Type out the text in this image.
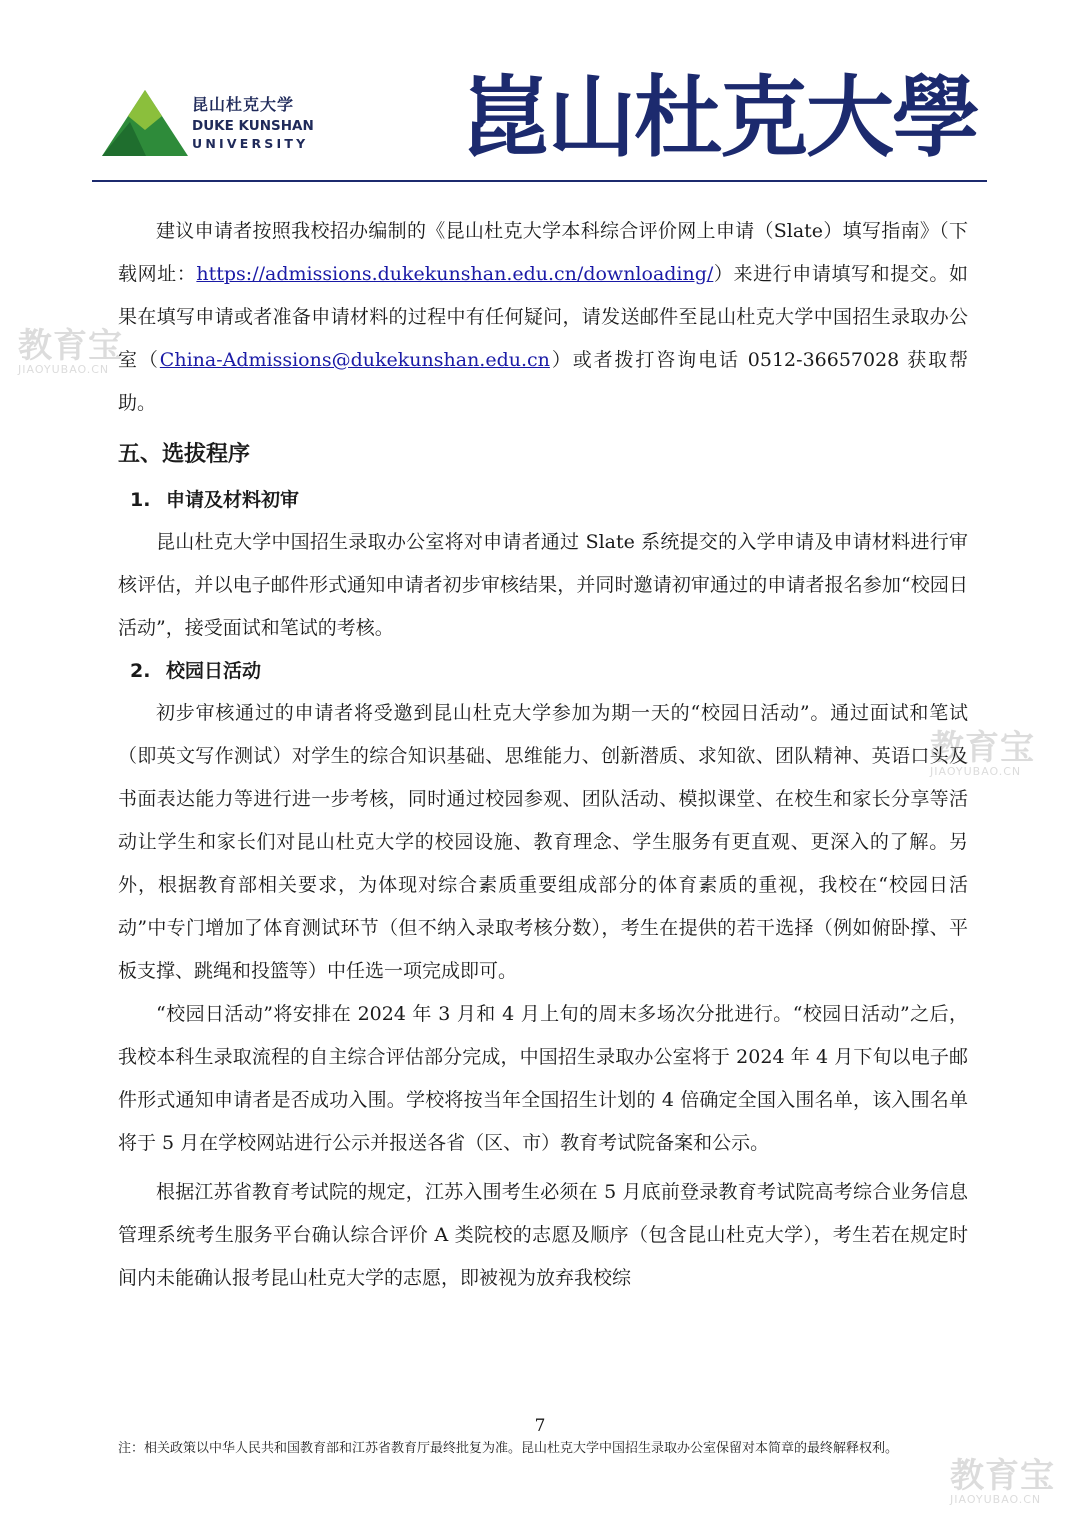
昆山杜克大学
DUKE KUNSHAN
UNIVERSITY 崑山杜克大學
教育宝
JIAOYUBAO.CN
教育宝
JIAOYUBAO.CN
教育宝
JIAOYUBAO.CN

建议申请者按照我校招办编制的《昆山杜克大学本科综合评价网上申请（Slate）填写指南》（下载网址：https://admissions.dukekunshan.edu.cn/downloading/）来进行申请填写和提交。如果在填写申请或者准备申请材料的过程中有任何疑问，请发送邮件至昆山杜克大学中国招生录取办公室（China-Admissions@dukekunshan.edu.cn）或者拨打咨询电话 0512-36657028 获取帮助。

五、选拔程序
1. 申请及材料初审

昆山杜克大学中国招生录取办公室将对申请者通过 Slate 系统提交的入学申请及申请材料进行审核评估，并以电子邮件形式通知申请者初步审核结果，并同时邀请初审通过的申请者报名参加“校园日活动”，接受面试和笔试的考核。

2. 校园日活动

初步审核通过的申请者将受邀到昆山杜克大学参加为期一天的“校园日活动”。通过面试和笔试（即英文写作测试）对学生的综合知识基础、思维能力、创新潜质、求知欲、团队精神、英语口头及书面表达能力等进行进一步考核，同时通过校园参观、团队活动、模拟课堂、在校生和家长分享等活动让学生和家长们对昆山杜克大学的校园设施、教育理念、学生服务有更直观、更深入的了解。另外，根据教育部相关要求，为体现对综合素质重要组成部分的体育素质的重视，我校在“校园日活动”中专门增加了体育测试环节（但不纳入录取考核分数），考生在提供的若干选择（例如俯卧撑、平板支撑、跳绳和投篮等）中任选一项完成即可。

“校园日活动”将安排在 2024 年 3 月和 4 月上旬的周末多场次分批进行。“校园日活动”之后，我校本科生录取流程的自主综合评估部分完成，中国招生录取办公室将于 2024 年 4 月下旬以电子邮件形式通知申请者是否成功入围。学校将按当年全国招生计划的 4 倍确定全国入围名单，该入围名单将于 5 月在学校网站进行公示并报送各省（区、市）教育考试院备案和公示。

根据江苏省教育考试院的规定，江苏入围考生必须在 5 月底前登录教育考试院高考综合业务信息管理系统考生服务平台确认综合评价 A 类院校的志愿及顺序（包含昆山杜克大学），考生若在规定时间内未能确认报考昆山杜克大学的志愿，即被视为放弃我校综

7
注：相关政策以中华人民共和国教育部和江苏省教育厅最终批复为准。昆山杜克大学中国招生录取办公室保留对本简章的最终解释权利。
